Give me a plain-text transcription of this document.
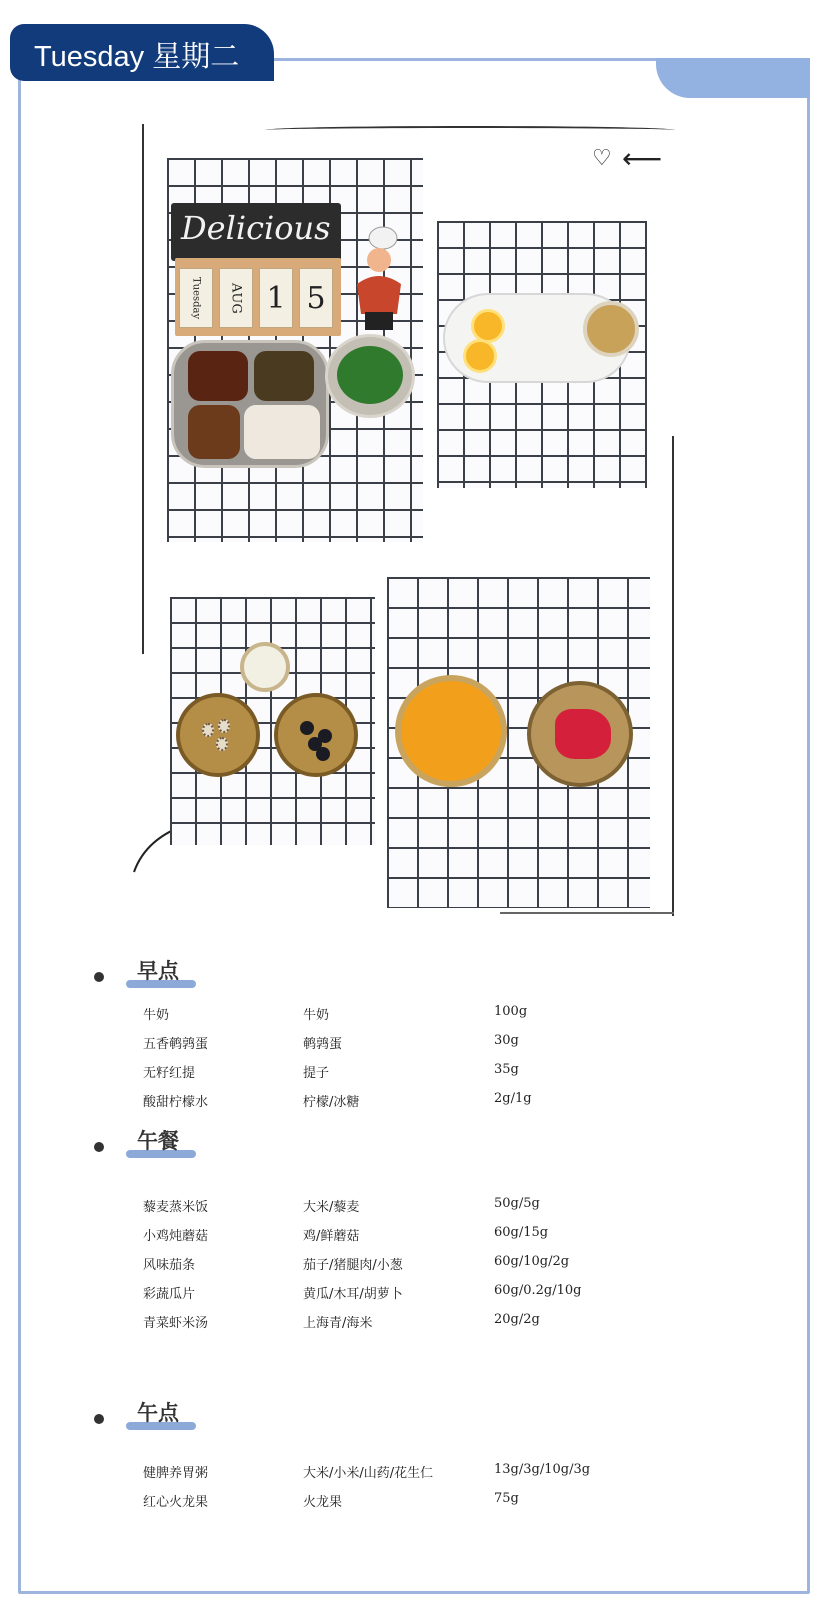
Tuesday 星期二
♡ ⟵
Delicious
Tuesday	AUG 1 5
早点
牛奶	牛奶	100g
五香鹌鹑蛋	鹌鹑蛋	30g
无籽红提	提子	35g
酸甜柠檬水	柠檬/冰糖	2g/1g
午餐
藜麦蒸米饭	大米/藜麦	50g/5g
小鸡炖蘑菇	鸡/鲜蘑菇	60g/15g
风味茄条	茄子/猪腿肉/小葱	60g/10g/2g
彩蔬瓜片	黄瓜/木耳/胡萝卜	60g/0.2g/10g
青菜虾米汤	上海青/海米	20g/2g
午点
健脾养胃粥	大米/小米/山药/花生仁	13g/3g/10g/3g
红心火龙果	火龙果	75g
